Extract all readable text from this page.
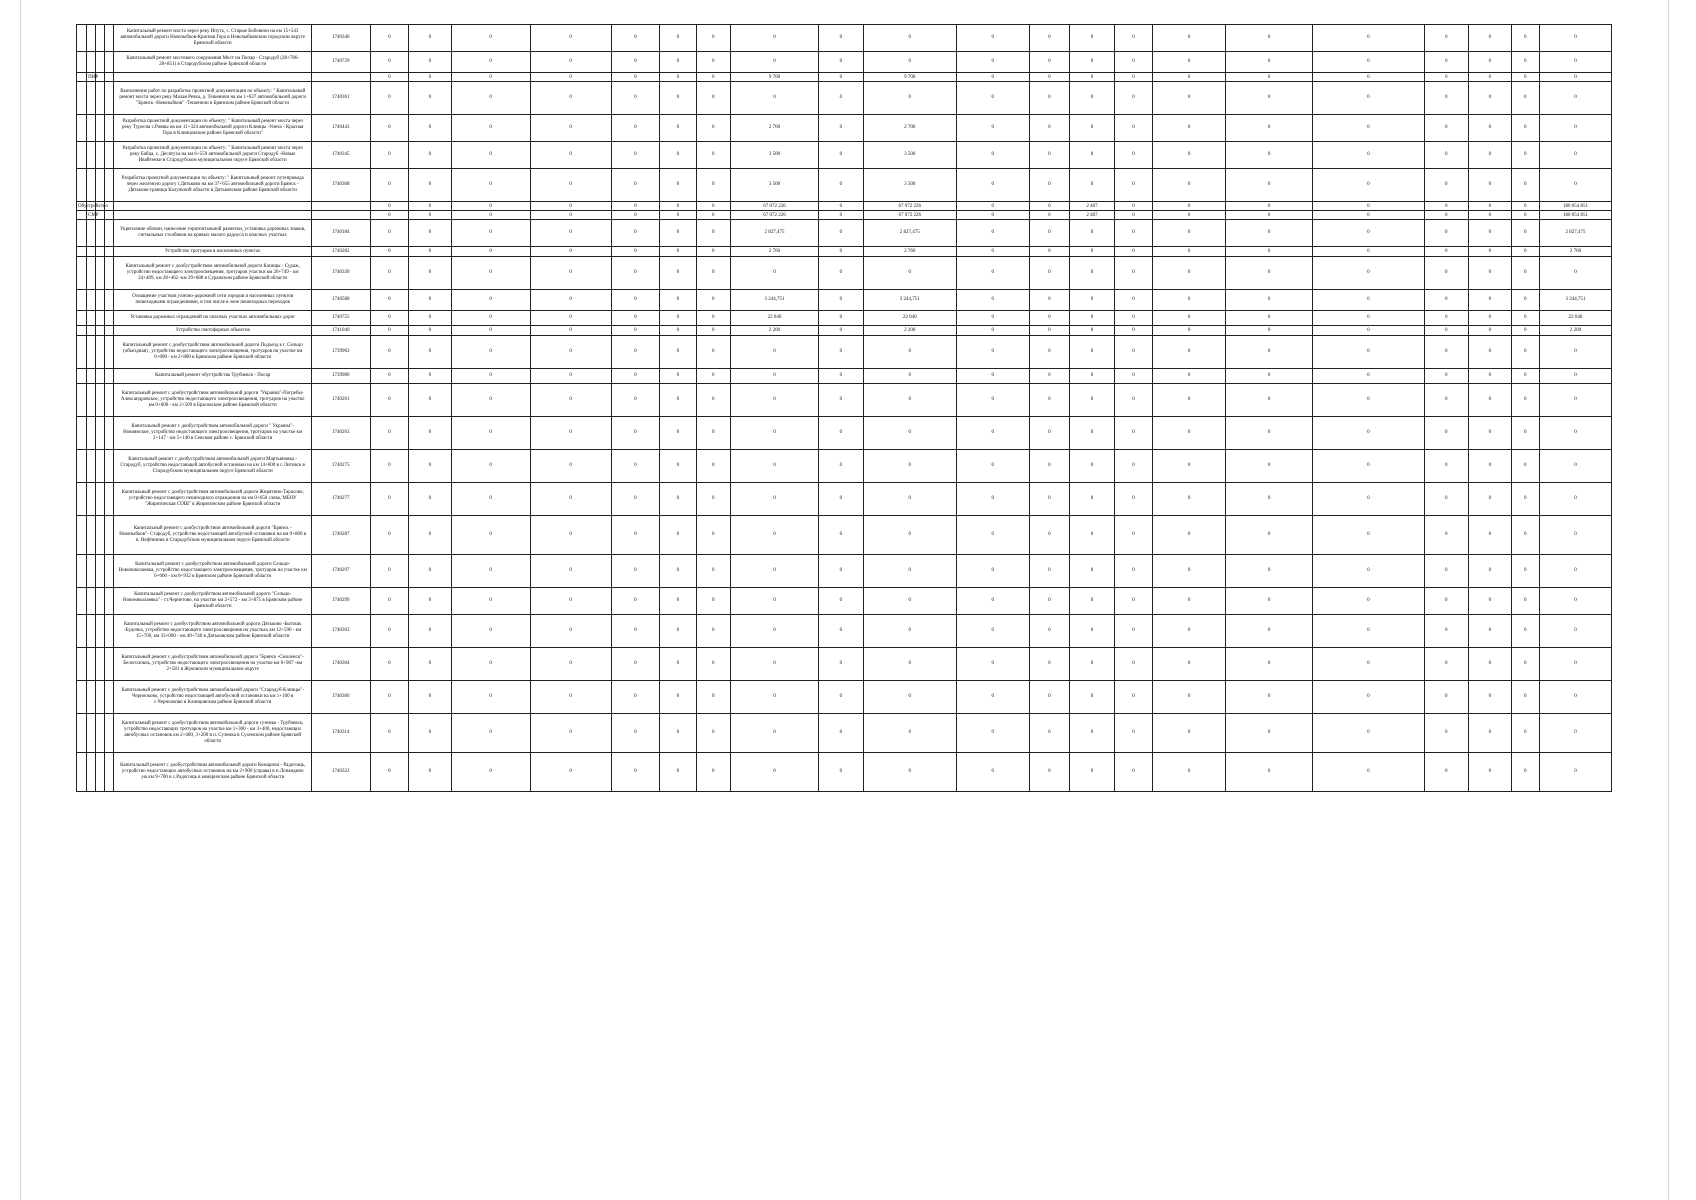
				Капитальный ремонт моста через реку Ипуть, с. Старые Бобовичи на км 15+543 автомобильной дороги Новозыбков-Красная Гора в Новозыбковском городском округе Брянской области	1740346	0	0	0	0	0	0	0	0	0	0	0	0	0	0	0	0	0	0	0	0	0
				Капитальный ремонт мостового сооружения Мост на Попар - Стародуб (28+786-28+851) в Стародубском районе Брянской области	1740729	0	0	0	0	0	0	0	0	0	0	0	0	0	0	0	0	0	0	0	0	0
	ПИР					0	0	0	0	0	0	0	9 700	0	9 700	0	0	0	0	0	0	0	0	0	0	0
				Выполнение работ по разработке проектной документации по объекту: " Капитальный ремонт моста через реку Малая Речка, д. Тешеничи на км 1+637 автомобильной дороги "Брянск -Новозыбков" -Тешеничи в Брянском районе Брянской области	1740361	0	0	0	0	0	0	0	0	0	0	0	0	0	0	0	0	0	0	0	0	0
				Разработка проектной документации по объекту: " Капитальный ремонт моста через реку Туросна с.Ровны на км 11+324 автомобильной дороги Клинцы -Унеча - Красная Гора в Клинцовском районе Брянской области"	1740443	0	0	0	0	0	0	0	2 700	0	2 700	0	0	0	0	0	0	0	0	0	0	0
				Разработка проектной документации по объекту: " Капитальный ремонт моста через реку Бабца, с. Десятуха на км 6+559 автомобильной дороги Стародуб -Новые Ивайтенки в Стародубском муниципальном округе Брянской области	1740345	0	0	0	0	0	0	0	3 500	0	3 500	0	0	0	0	0	0	0	0	0	0	0
				Разработка проектной документации по объекту: " Капитальный ремонт путепровода через железную дорогу г.Дятьково на км 37+655 автомобильной дороги Брянск - Дятьково-граница Калужской области в Дятьковском районе Брянской области	1740368	0	0	0	0	0	0	0	3 500	0	3 500	0	0	0	0	0	0	0	0	0	0	0
Обустройство						0	0	0	0	0	0	0	67 072 226	0	67 072 226	0	0	2 467	0	0	0	0	0	0	0	180 054 851
	СМР					0	0	0	0	0	0	0	67 072 226	0	67 072 226	0	0	2 467	0	0	0	0	0	0	0	180 054 851
				Укрепление обочин, нанесение горизонтальной разметки, установка дорожных знаков, сигнальных столбиков на кривых малого радиуса и опасных участках	1740184	0	0	0	0	0	0	0	2 827,475	0	2 827,475	0	0	0	0	0	0	0	0	0	0	2 827,475
				Устройство тротуаров в населенных пунктах	1740282	0	0	0	0	0	0	0	2 760	0	2 760	0	0	0	0	0	0	0	0	0	0	2 760
				Капитальный ремонт с дообустройством автомобильной дороги Клинцы - Сураж, устройство недостающего электроосвещения, тротуаров участки км 20+749 - км 24+409, км 28+462 -км 29+688 в Суражском районе Брянской области	1740330	0	0	0	0	0	0	0	0	0	0	0	0	0	0	0	0	0	0	0	0	0
				Оснащение участков улично-дорожной сети городов и населенных пунктов пешеходными ограждениями, в том числе в зоне пешеходных переходов	1740588	0	0	0	0	0	0	0	3 244,751	0	3 244,751	0	0	0	0	0	0	0	0	0	0	3 244,751
				Установка дорожных ограждений на опасных участках автомобильных дорог	1740755	0	0	0	0	0	0	0	22 040	0	22 040	0	0	0	0	0	0	0	0	0	0	22 040
				Устройство светофорных объектов	1741040	0	0	0	0	0	0	0	2 200	0	2 200	0	0	0	0	0	0	0	0	0	0	2 200
				Капитальный ремонт с дообустройством автомобильной дороги Подъезд к г. Сельцо (объездная) , устройство недостающего электроосвещения, тротуаров на участке км 0+000 - км 2+800 в Брянском районе Брянской области	1739963	0	0	0	0	0	0	0	0	0	0	0	0	0	0	0	0	0	0	0	0	0
				Капитальный ремонт обустройства Трубчевск - Погар	1739980	0	0	0	0	0	0	0	0	0	0	0	0	0	0	0	0	0	0	0	0	0
				Капитальный ремонт с дообустройством автомобильной дороги "Украина"-Погребы-Александровское, устройство недостающего электроосвещения, тротуаров на участке км 0+000 - км 2+509 в Брасовском районе Брянской области	1740261	0	0	0	0	0	0	0	0	0	0	0	0	0	0	0	0	0	0	0	0	0
				Капитальный ремонт с дообустройством автомобильной дороги " Украина"- Новоямское, устройство недостающего электроосвещения, тротуаров на участке км 2+147 - км 5+140 в Севском районе с. Брянской области	1740263	0	0	0	0	0	0	0	0	0	0	0	0	0	0	0	0	0	0	0	0	0
				Капитальный ремонт с дообустройством автомобильной дороги Мартьяновка - Стародуб, устройство недостающей автобусной остановки на км 14+600 в с.Литовск в Стародубском муниципальном округе Брянской области	1740275	0	0	0	0	0	0	0	0	0	0	0	0	0	0	0	0	0	0	0	0	0
				Капитальный ремонт с дообустройством автомобильной дороги Жирятино-Тарасово, устройство недостающего пешеходного ограждения на км 0+650 слева, МБОУ "Жирятинская СОШ" в Жирятинском районе Брянской области	1740277	0	0	0	0	0	0	0	0	0	0	0	0	0	0	0	0	0	0	0	0	0
				Капитальный ремонт с дообустройством автомобильной дороги "Брянск - Новозыбков"- Стародуб, устройство недостающей автобусной остановки на км 9+800 в п. Нефтянник в Стародубском муниципальном округе Брянской области	1740287	0	0	0	0	0	0	0	0	0	0	0	0	0	0	0	0	0	0	0	0	0
				Капитальный ремонт с дообустройством автомобильной дороги Сельцо-Новониколаевка, устройство недостающего электроосвещения, тротуаров на участке км 0+000 - км 0+932 в Брянском районе Брянской области	1740297	0	0	0	0	0	0	0	0	0	0	0	0	0	0	0	0	0	0	0	0	0
				Капитальный ремонт с дообустройством автомобильной дороги "Сельцо-Новониколаевка" - ст.Чернетово, на участке км 2+572 - км 3+875 в Брянском районе Брянской области	1740299	0	0	0	0	0	0	0	0	0	0	0	0	0	0	0	0	0	0	0	0	0
				Капитальный ремонт с дообустройством автомобильной дороги Дятьково -Бытошь -Будочка, устройство недостающего электроосвещения на участках км 12+590 - км 15+700, км 33+000 - км 40+740 в Дятьковском районе Брянской области	1740303	0	0	0	0	0	0	0	0	0	0	0	0	0	0	0	0	0	0	0	0	0
				Капитальный ремонт с дообустройством автомобильной дороги "Брянск -Смоленск"-Белоголовль, устройство недостающего электроосвещения на участке км 0+907 -км 2+581 в Жуковском муниципальном округе	1740304	0	0	0	0	0	0	0	0	0	0	0	0	0	0	0	0	0	0	0	0	0
				Капитальный ремонт с дообустройством автомобильной дороги "Стародуб-Клинцы"-Чернооково, устройство недостающей автобусной остановки на км 1+100 в с.Чернооково в Клинцовском районе Брянской области	1740306	0	0	0	0	0	0	0	0	0	0	0	0	0	0	0	0	0	0	0	0	0
				Капитальный ремонт с дообустройством автомобильной дороги суземка - Трубчевск, устройство недостающих тротуаров на участке км 1+300 - км 3+400, недостающих автобусных остановок км 2+400, 3+200 в п. Суземка в Суземском районе Брянской области	1740314	0	0	0	0	0	0	0	0	0	0	0	0	0	0	0	0	0	0	0	0	0
				Капитальный ремонт с дообустройством автомобильной дороги Комаричи - Радогощь, устройство недостающих автобусных остановок на км 2+900 (справа) в п.Лопандино ,на км 9+700 в с.Радогощь в комаричском районе Брянской области	1740322	0	0	0	0	0	0	0	0	0	0	0	0	0	0	0	0	0	0	0	0	0
